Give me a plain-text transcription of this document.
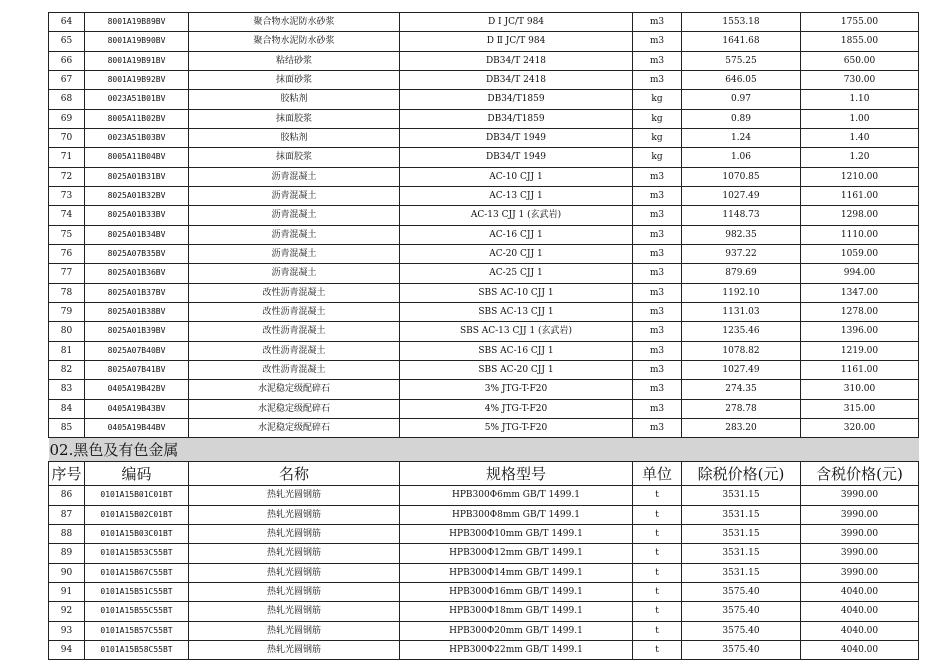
64	8001A19B89BV	聚合物水泥防水砂浆	D Ⅰ JC/T 984	m3	1553.18	1755.00
65	8001A19B90BV	聚合物水泥防水砂浆	D Ⅱ JC/T 984	m3	1641.68	1855.00
66	8001A19B91BV	粘结砂浆	DB34/T 2418	m3	575.25	650.00
67	8001A19B92BV	抹面砂浆	DB34/T 2418	m3	646.05	730.00
68	0023A51B01BV	胶粘剂	DB34/T1859	kg	0.97	1.10
69	8005A11B02BV	抹面胶浆	DB34/T1859	kg	0.89	1.00
70	0023A51B03BV	胶粘剂	DB34/T 1949	kg	1.24	1.40
71	8005A11B04BV	抹面胶浆	DB34/T 1949	kg	1.06	1.20
72	8025A01B31BV	沥青混凝土	AC-10 CJJ 1	m3	1070.85	1210.00
73	8025A01B32BV	沥青混凝土	AC-13 CJJ 1	m3	1027.49	1161.00
74	8025A01B33BV	沥青混凝土	AC-13 CJJ 1 (玄武岩)	m3	1148.73	1298.00
75	8025A01B34BV	沥青混凝土	AC-16 CJJ 1	m3	982.35	1110.00
76	8025A07B35BV	沥青混凝土	AC-20 CJJ 1	m3	937.22	1059.00
77	8025A01B36BV	沥青混凝土	AC-25 CJJ 1	m3	879.69	994.00
78	8025A01B37BV	改性沥青混凝土	SBS AC-10 CJJ 1	m3	1192.10	1347.00
79	8025A01B38BV	改性沥青混凝土	SBS AC-13 CJJ 1	m3	1131.03	1278.00
80	8025A01B39BV	改性沥青混凝土	SBS AC-13 CJJ 1 (玄武岩)	m3	1235.46	1396.00
81	8025A07B40BV	改性沥青混凝土	SBS AC-16 CJJ 1	m3	1078.82	1219.00
82	8025A07B41BV	改性沥青混凝土	SBS AC-20 CJJ 1	m3	1027.49	1161.00
83	0405A19B42BV	水泥稳定级配碎石	3% JTG-T-F20	m3	274.35	310.00
84	0405A19B43BV	水泥稳定级配碎石	4% JTG-T-F20	m3	278.78	315.00
85	0405A19B44BV	水泥稳定级配碎石	5% JTG-T-F20	m3	283.20	320.00
02.黑色及有色金属						
序号	编码	名称	规格型号	单位	除税价格(元)	含税价格(元)
86	0101A15B01C01BT	热轧光圆钢筋	HPB300Φ6mm GB/T 1499.1	t	3531.15	3990.00
87	0101A15B02C01BT	热轧光圆钢筋	HPB300Φ8mm GB/T 1499.1	t	3531.15	3990.00
88	0101A15B03C01BT	热轧光圆钢筋	HPB300Φ10mm GB/T 1499.1	t	3531.15	3990.00
89	0101A15B53C55BT	热轧光圆钢筋	HPB300Φ12mm GB/T 1499.1	t	3531.15	3990.00
90	0101A15B67C55BT	热轧光圆钢筋	HPB300Φ14mm GB/T 1499.1	t	3531.15	3990.00
91	0101A15B51C55BT	热轧光圆钢筋	HPB300Φ16mm GB/T 1499.1	t	3575.40	4040.00
92	0101A15B55C55BT	热轧光圆钢筋	HPB300Φ18mm GB/T 1499.1	t	3575.40	4040.00
93	0101A15B57C55BT	热轧光圆钢筋	HPB300Φ20mm GB/T 1499.1	t	3575.40	4040.00
94	0101A15B58C55BT	热轧光圆钢筋	HPB300Φ22mm GB/T 1499.1	t	3575.40	4040.00
